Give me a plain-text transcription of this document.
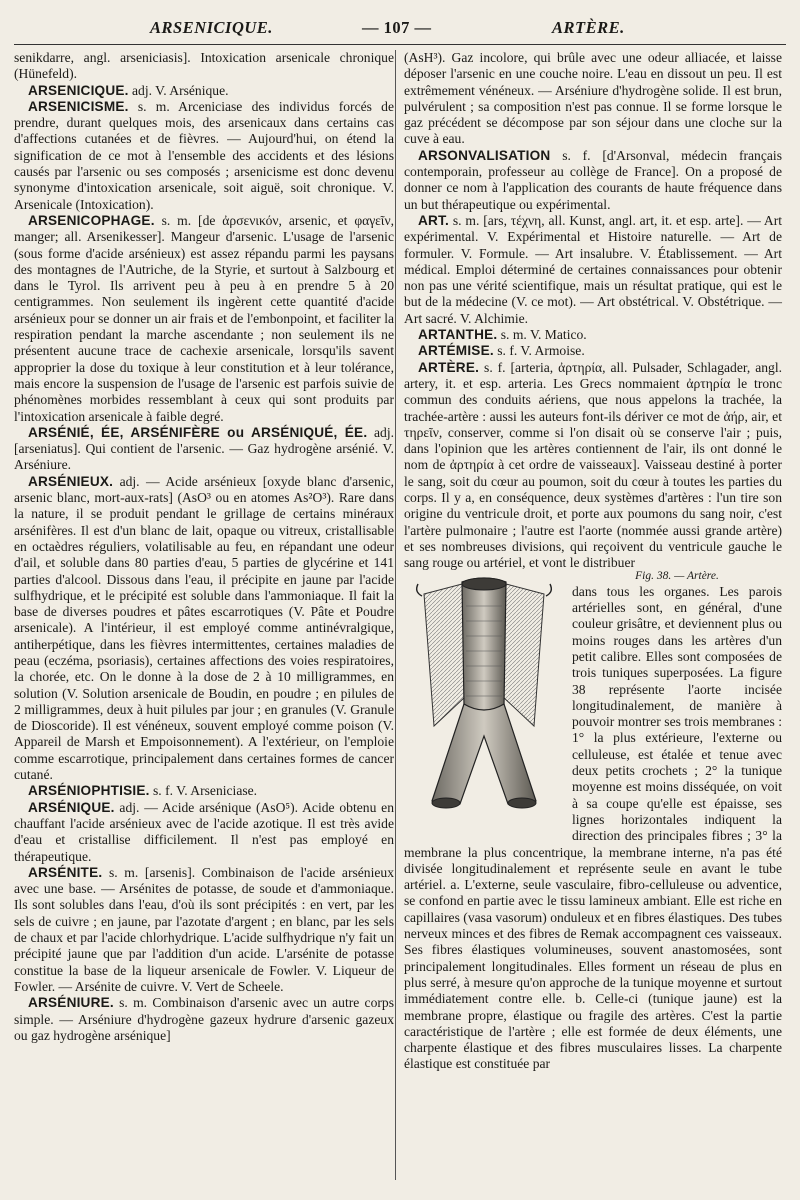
ARSENICIQUE.	— 107 —	ARTÈRE.

senikdarre, angl. arseniciasis]. Intoxication arsenicale chronique (Hünefeld).

ARSENICIQUE. adj. V. Arsénique.

ARSENICISME. s. m. Arceniciase des individus forcés de prendre, durant quelques mois, des arsenicaux dans certains cas d'affections cutanées et de fièvres. — Aujourd'hui, on étend la signification de ce mot à l'ensemble des accidents et des lésions causés par l'arsenic ou ses composés ; arsenicisme est donc devenu synonyme d'intoxication arsenicale, soit aiguë, soit chronique. V. Arsenicale (Intoxication).

ARSENICOPHAGE. s. m. [de ἀρσενικόν, arsenic, et φαγεῖν, manger; all. Arsenikesser]. Mangeur d'arsenic. L'usage de l'arsenic (sous forme d'acide arsénieux) est assez répandu parmi les paysans des montagnes de l'Autriche, de la Styrie, et surtout à Salzbourg et dans le Tyrol. Ils arrivent peu à peu à en prendre 5 à 20 centigrammes. Non seulement ils ingèrent cette quantité d'acide arsénieux pour se donner un air frais et de l'embonpoint, et faciliter la respiration pendant la marche ascendante ; non seulement ils ne présentent aucune trace de cachexie arsenicale, lorsqu'ils savent approprier la dose du toxique à leur constitution et à leur tolérance, mais encore la suspension de l'usage de l'arsenic est parfois suivie de phénomènes morbides ressemblant à ceux qui sont produits par l'intoxication arsenicale à faible degré.

ARSÉNIÉ, ÉE, ARSÉNIFÈRE ou ARSÉNIQUÉ, ÉE. adj. [arseniatus]. Qui contient de l'arsenic. — Gaz hydrogène arsénié. V. Arséniure.

ARSÉNIEUX. adj. — Acide arsénieux [oxyde blanc d'arsenic, arsenic blanc, mort-aux-rats] (AsO³ ou en atomes As²O³). Rare dans la nature, il se produit pendant le grillage de certains minéraux arsénifères. Il est d'un blanc de lait, opaque ou vitreux, cristallisable en octaèdres réguliers, volatilisable au feu, en répandant une odeur d'ail, et soluble dans 80 parties d'eau, 5 parties de glycérine et 141 parties d'alcool. Dissous dans l'eau, il précipite en jaune par l'acide sulfhydrique, et le précipité est soluble dans l'ammoniaque. Il fait la base de diverses poudres et pâtes escarrotiques (V. Pâte et Poudre arsenicale). A l'intérieur, il est employé comme antinévralgique, antiherpétique, dans les fièvres intermittentes, certaines maladies de peau (eczéma, psoriasis), certaines affections des voies respiratoires, la chorée, etc. On le donne à la dose de 2 à 10 milligrammes, en solution (V. Solution arsenicale de Boudin, en poudre ; en pilules de 2 milligrammes, deux à huit pilules par jour ; en granules (V. Granule de Dioscoride). Il est vénéneux, souvent employé comme poison (V. Appareil de Marsh et Empoisonnement). A l'extérieur, on l'emploie comme escarrotique, principalement dans certaines formes de cancer cutané.

ARSÉNIOPHTISIE. s. f. V. Arseniciase.

ARSÉNIQUE. adj. — Acide arsénique (AsO⁵). Acide obtenu en chauffant l'acide arsénieux avec de l'acide azotique. Il est très avide d'eau et cristallise difficilement. Il n'est pas employé en thérapeutique.

ARSÉNITE. s. m. [arsenis]. Combinaison de l'acide arsénieux avec une base. — Arsénites de potasse, de soude et d'ammoniaque. Ils sont solubles dans l'eau, d'où ils sont précipités : en vert, par les sels de cuivre ; en jaune, par l'azotate d'argent ; en blanc, par les sels de chaux et par l'acide chlorhydrique. L'acide sulfhydrique n'y fait un précipité jaune que par l'addition d'un acide. L'arsénite de potasse constitue la base de la liqueur arsenicale de Fowler. V. Liqueur de Fowler. — Arsénite de cuivre. V. Vert de Scheele.

ARSÉNIURE. s. m. Combinaison d'arsenic avec un autre corps simple. — Arséniure d'hydrogène gazeux hydrure d'arsenic gazeux ou gaz hydrogène arsénique]

(AsH³). Gaz incolore, qui brûle avec une odeur alliacée, et laisse déposer l'arsenic en une couche noire. L'eau en dissout un peu. Il est extrêmement vénéneux. — Arséniure d'hydrogène solide. Il est brun, pulvérulent ; sa composition n'est pas connue. Il se forme lorsque le gaz précédent se décompose par son séjour dans une cloche sur la cuve à eau.

ARSONVALISATION s. f. [d'Arsonval, médecin français contemporain, professeur au collège de France]. On a proposé de donner ce nom à l'application des courants de haute fréquence dans un but thérapeutique ou expérimental.

ART. s. m. [ars, τέχνη, all. Kunst, angl. art, it. et esp. arte]. — Art expérimental. V. Expérimental et Histoire naturelle. — Art de formuler. V. Formule. — Art insalubre. V. Établissement. — Art médical. Emploi déterminé de certaines connaissances pour obtenir non pas une vérité scientifique, mais un résultat pratique, qui est le but de la médecine (V. ce mot). — Art obstétrical. V. Obstétrique. — Art sacré. V. Alchimie.

ARTANTHE. s. m. V. Matico.

ARTÉMISE. s. f. V. Armoise.

ARTÈRE. s. f. [arteria, ἀρτηρία, all. Pulsader, Schlagader, angl. artery, it. et esp. arteria. Les Grecs nommaient ἀρτηρία le tronc commun des conduits aériens, que nous appelons la trachée, la trachée-artère : aussi les auteurs font-ils dériver ce mot de ἀήρ, air, et τηρεῖν, conserver, comme si l'on disait où se conserve l'air ; puis, dans l'opinion que les artères contiennent de l'air, ils ont donné le nom de ἀρτηρία à cet ordre de vaisseaux]. Vaisseau destiné à porter le sang, soit du cœur au poumon, soit du cœur à toutes les parties du corps. Il y a, en conséquence, deux systèmes d'artères : l'un tire son origine du ventricule droit, et porte aux poumons du sang noir, c'est l'artère pulmonaire ; l'autre est l'aorte (nommée aussi grande artère) et ses nombreuses divisions, qui reçoivent du ventricule gauche le sang rouge ou artériel, et vont le distribuer

Fig. 38. — Artère.
dans tous les organes. Les parois artérielles sont, en général, d'une couleur grisâtre, et deviennent plus ou moins rouges dans les artères d'un petit calibre. Elles sont composées de trois tuniques superposées. La figure 38 représente l'aorte incisée longitudinalement, de manière à pouvoir montrer ses trois membranes : 1° la plus extérieure, l'externe ou celluleuse, est étalée et tenue avec deux petits crochets ; 2° la tunique moyenne est moins disséquée, on voit à sa coupe qu'elle est épaisse, ses lignes horizontales indiquent la direction des principales fibres ; 3° la membrane la plus concentrique, la membrane interne, n'a pas été divisée longitudinalement et représente seule en avant le tube artériel. a. L'externe, seule vasculaire, fibro-celluleuse ou adventice, se confond en partie avec le tissu lamineux ambiant. Elle est riche en capillaires (vasa vasorum) onduleux et en fibres élastiques. Des tubes nerveux minces et des fibres de Remak accompagnent ces vaisseaux. Ses fibres élastiques volumineuses, souvent anastomosées, sont principalement longitudinales. Elles forment un réseau de plus en plus serré, à mesure qu'on approche de la tunique moyenne et surtout immédiatement contre elle. b. Celle-ci (tunique jaune) est la membrane propre, élastique ou fragile des artères. C'est la partie caractéristique de l'artère ; elle est formée de deux éléments, une charpente élastique et des fibres musculaires lisses. La charpente élastique est constituée par
